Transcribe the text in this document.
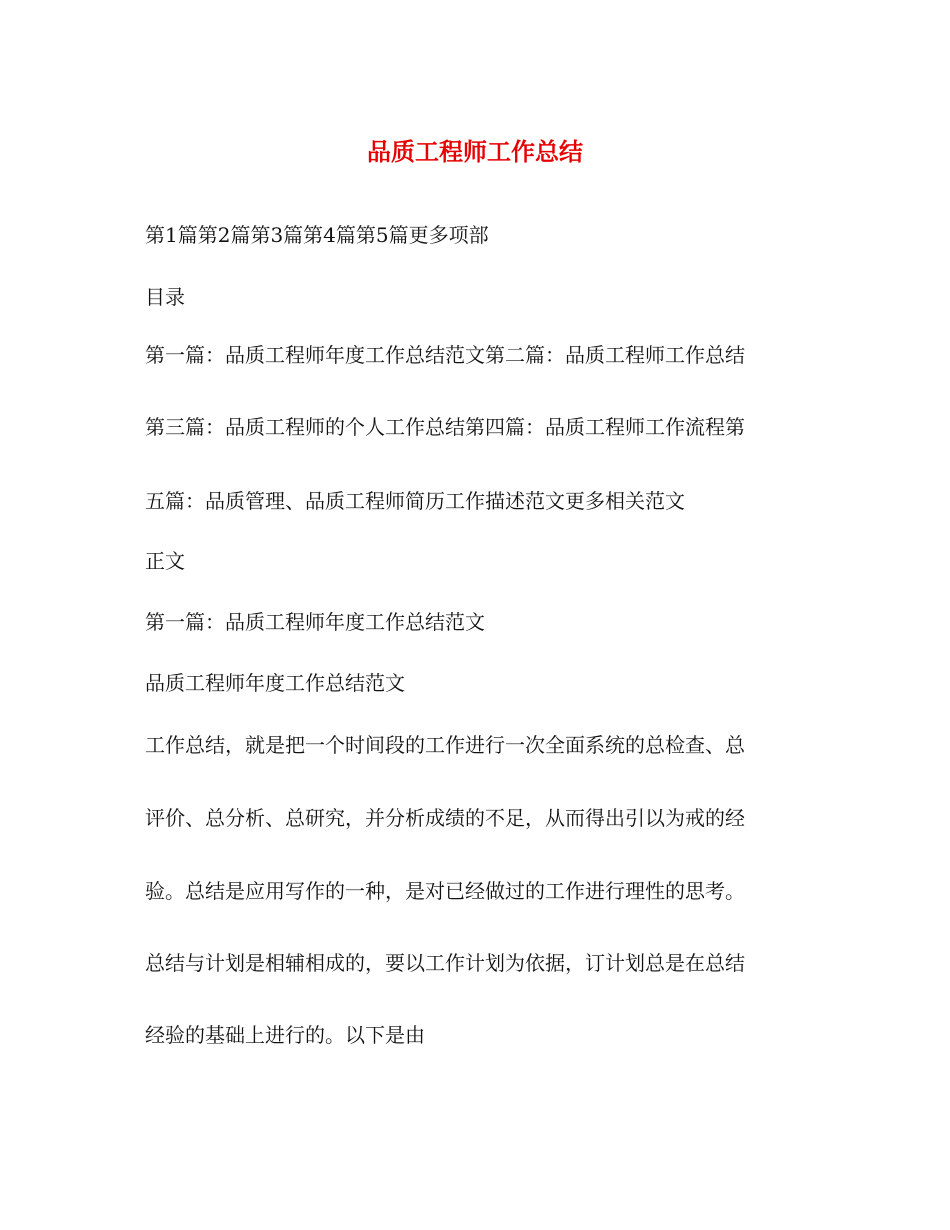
品质工程师工作总结
第1篇第2篇第3篇第4篇第5篇更多项部
目录
第一篇：品质工程师年度工作总结范文第二篇：品质工程师工作总结
第三篇：品质工程师的个人工作总结第四篇：品质工程师工作流程第
五篇：品质管理、品质工程师简历工作描述范文更多相关范文
正文
第一篇：品质工程师年度工作总结范文
品质工程师年度工作总结范文
工作总结，就是把一个时间段的工作进行一次全面系统的总检查、总
评价、总分析、总研究，并分析成绩的不足，从而得出引以为戒的经
验。总结是应用写作的一种，是对已经做过的工作进行理性的思考。
总结与计划是相辅相成的，要以工作计划为依据，订计划总是在总结
经验的基础上进行的。以下是由
